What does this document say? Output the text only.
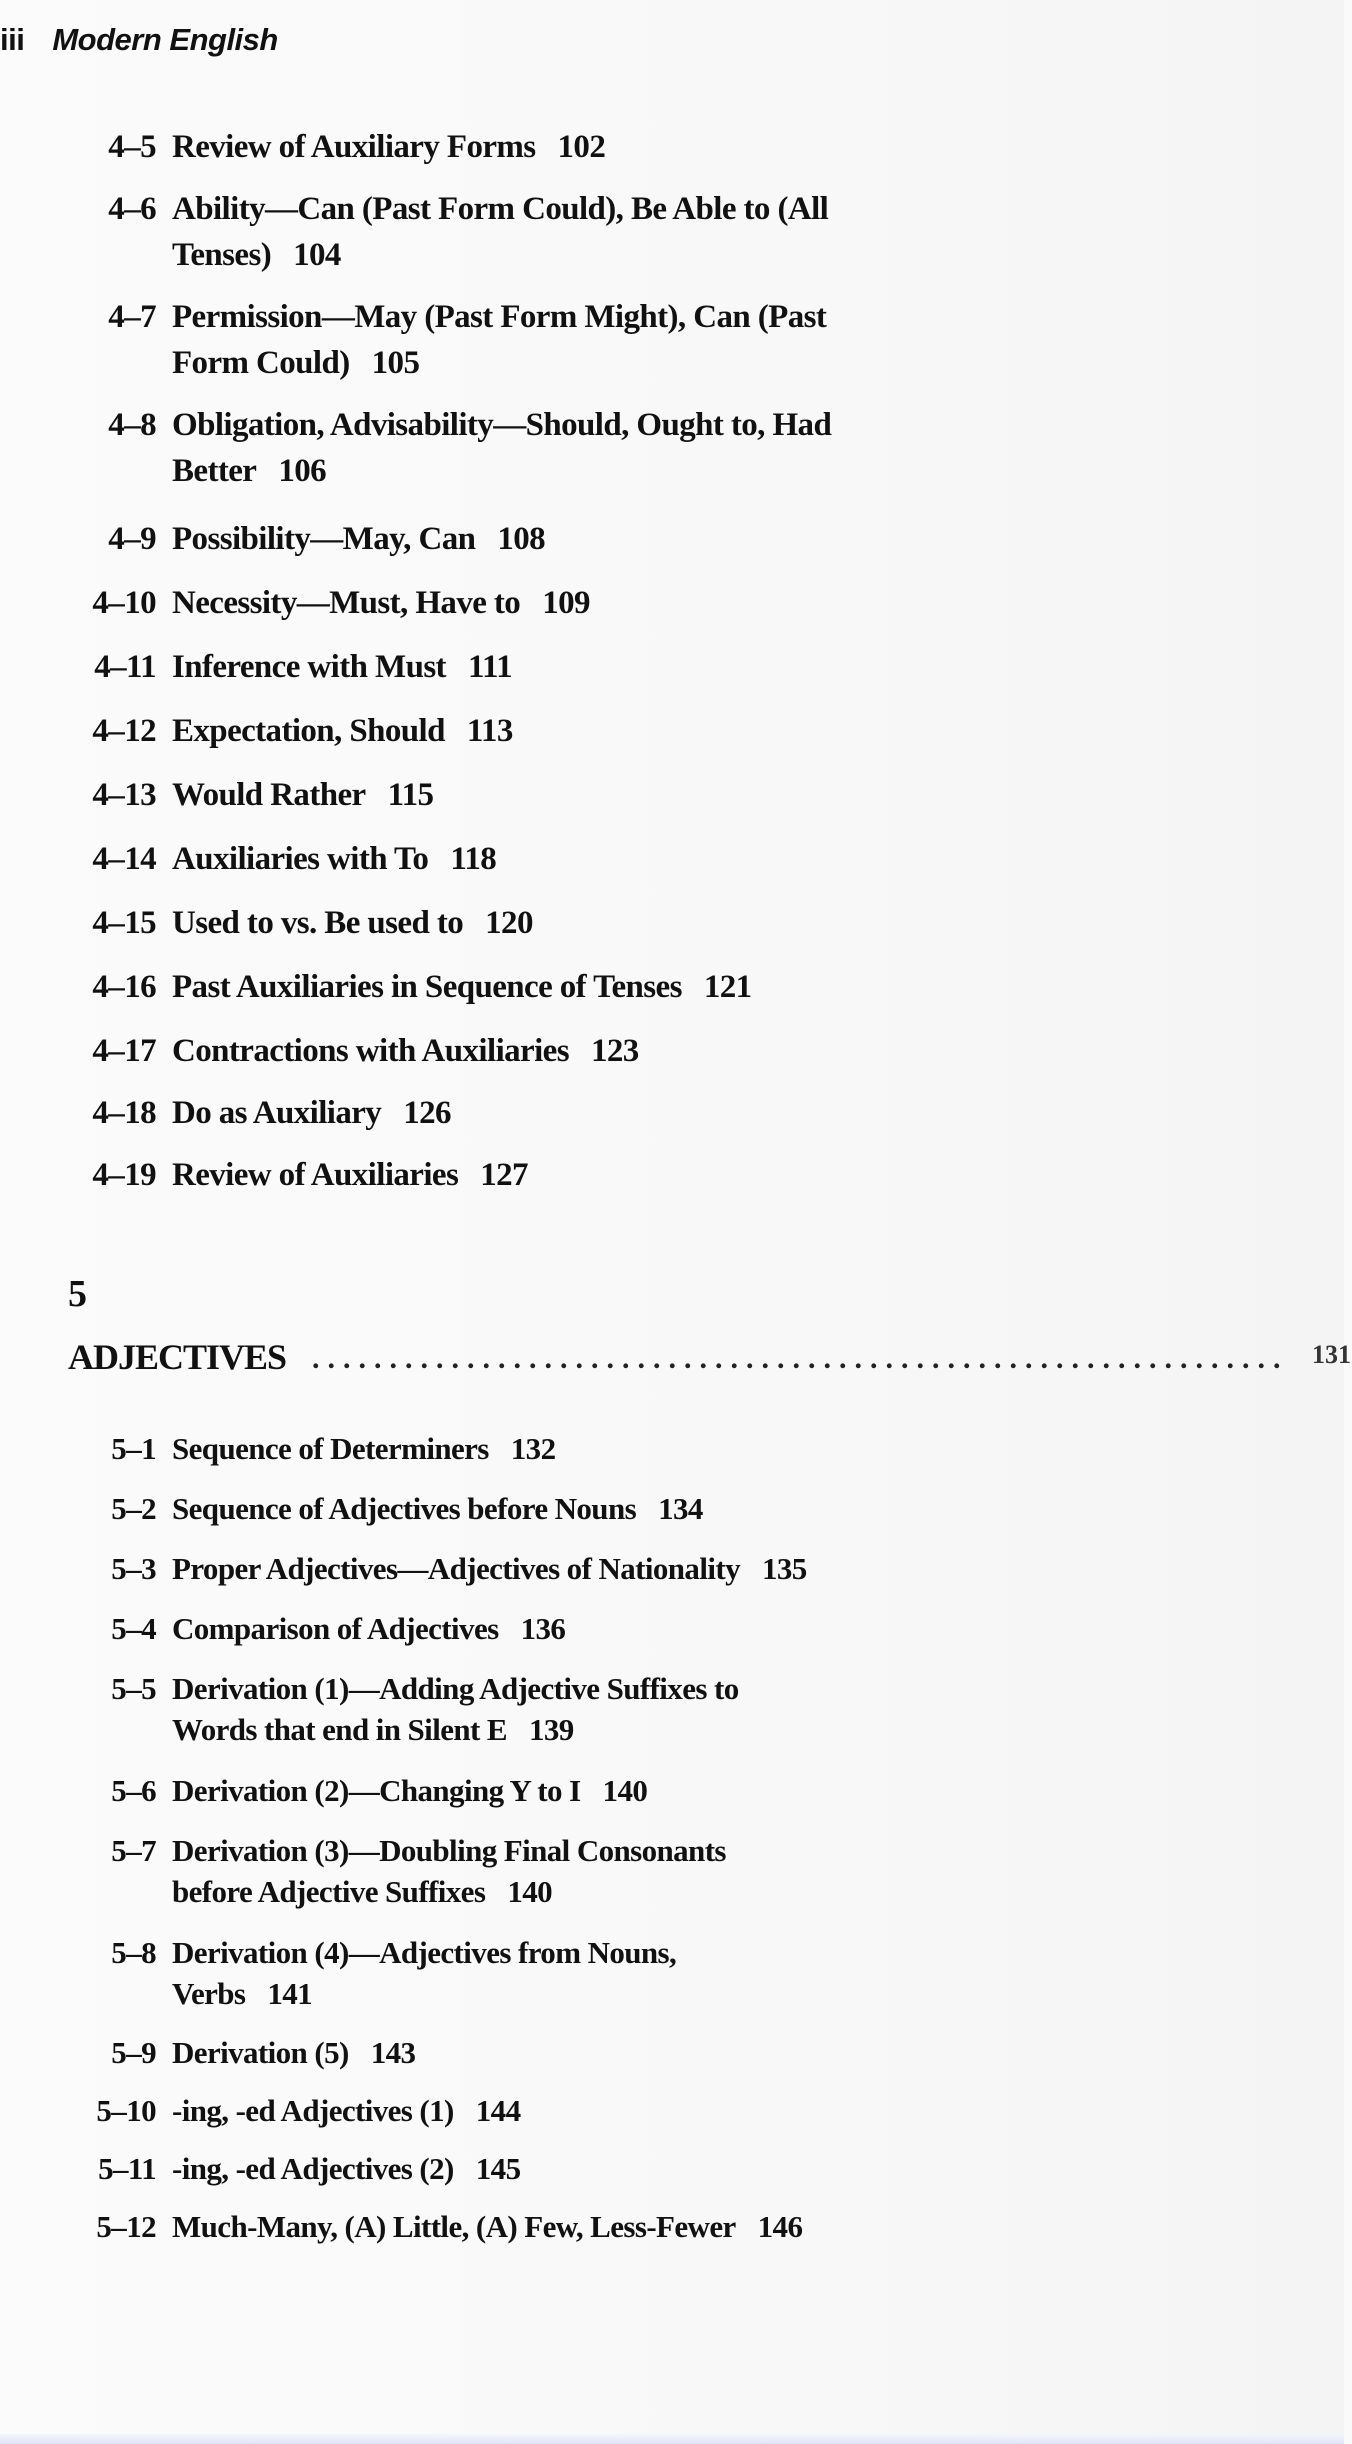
iii Modern English
4–5 Review of Auxiliary Forms 102
4–6 Ability—Can (Past Form Could), Be Able to (All Tenses) 104
4–7 Permission—May (Past Form Might), Can (Past Form Could) 105
4–8 Obligation, Advisability—Should, Ought to, Had Better 106
4–9 Possibility—May, Can 108
4–10 Necessity—Must, Have to 109
4–11 Inference with Must 111
4–12 Expectation, Should 113
4–13 Would Rather 115
4–14 Auxiliaries with To 118
4–15 Used to vs. Be used to 120
4–16 Past Auxiliaries in Sequence of Tenses 121
4–17 Contractions with Auxiliaries 123
4–18 Do as Auxiliary 126
4–19 Review of Auxiliaries 127
5
ADJECTIVES ............................................................... 131
5–1 Sequence of Determiners 132
5–2 Sequence of Adjectives before Nouns 134
5–3 Proper Adjectives—Adjectives of Nationality 135
5–4 Comparison of Adjectives 136
5–5 Derivation (1)—Adding Adjective Suffixes to Words that end in Silent E 139
5–6 Derivation (2)—Changing Y to I 140
5–7 Derivation (3)—Doubling Final Consonants before Adjective Suffixes 140
5–8 Derivation (4)—Adjectives from Nouns, Verbs 141
5–9 Derivation (5) 143
5–10 -ing, -ed Adjectives (1) 144
5–11 -ing, -ed Adjectives (2) 145
5–12 Much-Many, (A) Little, (A) Few, Less-Fewer 146
